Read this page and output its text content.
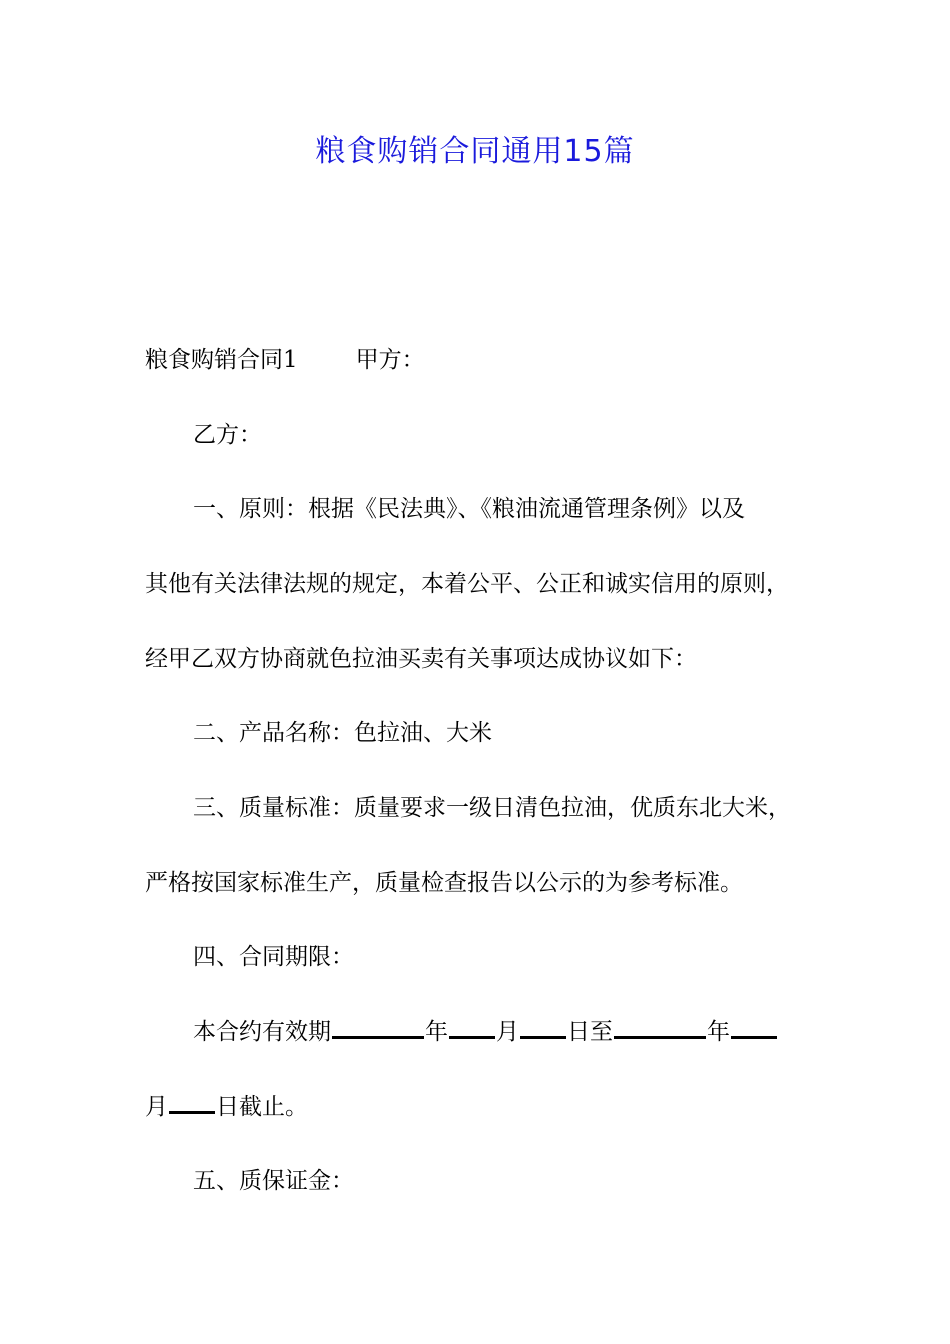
粮食购销合同通用15篇
粮食购销合同1	甲方：
乙方：
一、原则：根据《民法典》、《粮油流通管理条例》以及
其他有关法律法规的规定，本着公平、公正和诚实信用的原则，
经甲乙双方协商就色拉油买卖有关事项达成协议如下：
二、产品名称：色拉油、大米
三、质量标准：质量要求一级日清色拉油，优质东北大米，
严格按国家标准生产，质量检查报告以公示的为参考标准。
四、合同期限：
本合约有效期	年 月 日至	年
月 日截止。
五、质保证金：
